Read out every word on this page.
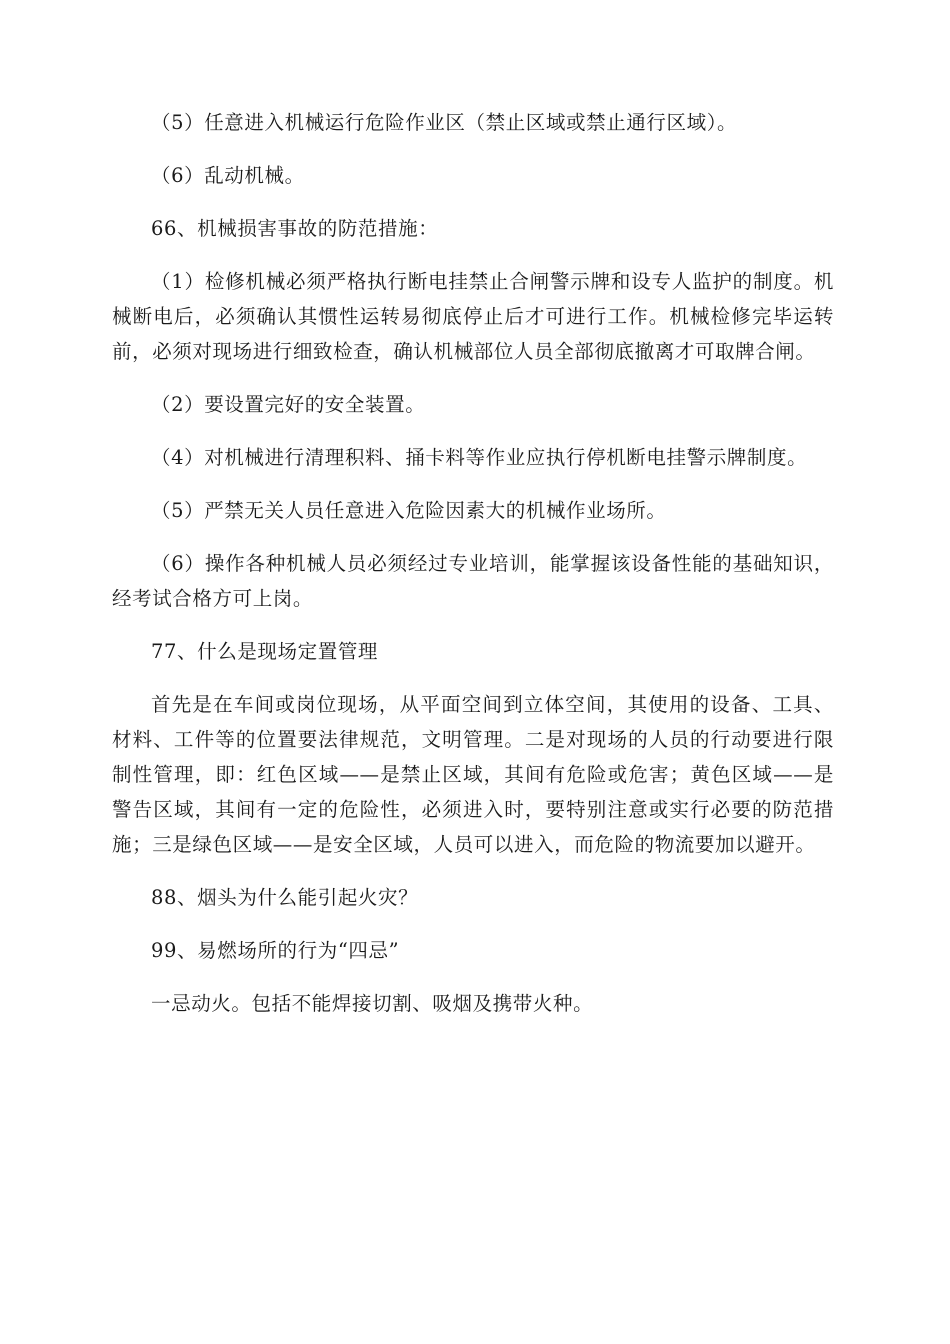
（5）任意进入机械运行危险作业区（禁止区域或禁止通行区域）。

（6）乱动机械。

66、机械损害事故的防范措施：

（1）检修机械必须严格执行断电挂禁止合闸警示牌和设专人监护的制度。机械断电后，必须确认其惯性运转易彻底停止后才可进行工作。机械检修完毕运转前，必须对现场进行细致检查，确认机械部位人员全部彻底撤离才可取牌合闸。

（2）要设置完好的安全装置。

（4）对机械进行清理积料、捅卡料等作业应执行停机断电挂警示牌制度。

（5）严禁无关人员任意进入危险因素大的机械作业场所。

（6）操作各种机械人员必须经过专业培训，能掌握该设备性能的基础知识，经考试合格方可上岗。

77、什么是现场定置管理

首先是在车间或岗位现场，从平面空间到立体空间，其使用的设备、工具、材料、工件等的位置要法律规范，文明管理。二是对现场的人员的行动要进行限制性管理，即：红色区域——是禁止区域，其间有危险或危害；黄色区域——是警告区域，其间有一定的危险性，必须进入时，要特别注意或实行必要的防范措施；三是绿色区域——是安全区域，人员可以进入，而危险的物流要加以避开。

88、烟头为什么能引起火灾？

99、易燃场所的行为“四忌”

一忌动火。包括不能焊接切割、吸烟及携带火种。
